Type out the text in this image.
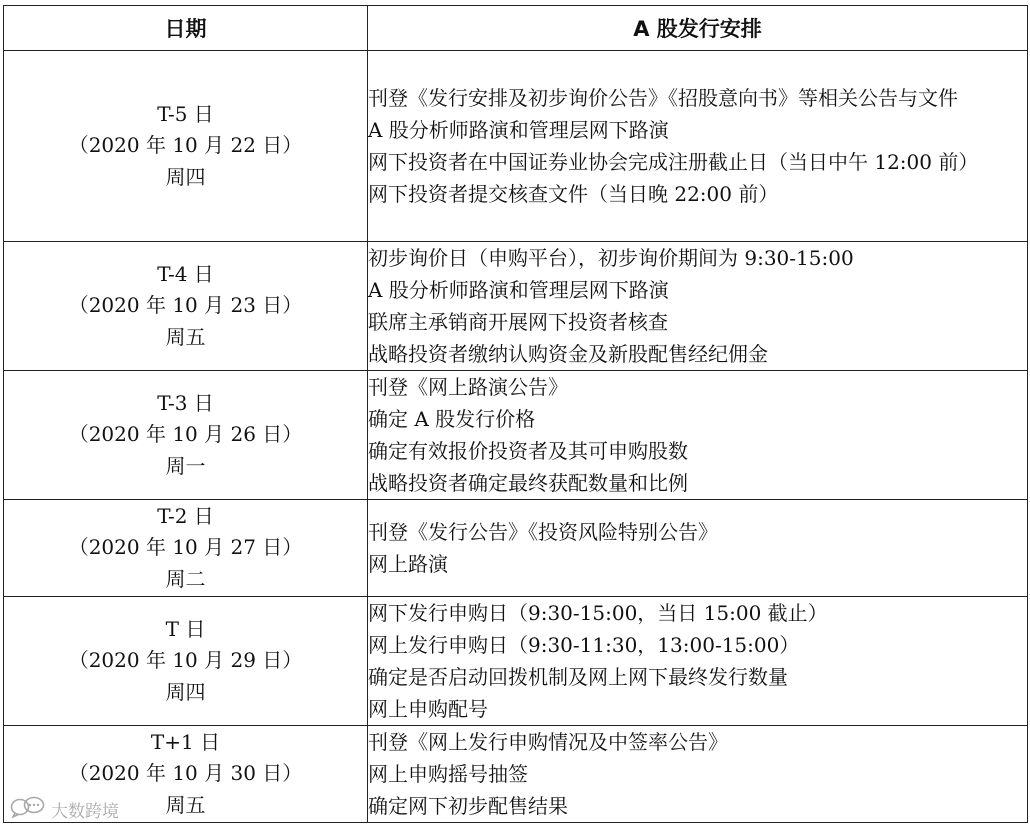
日期	A 股发行安排

T-5 日
（2020 年 10 月 22 日）
周四	刊登《发行安排及初步询价公告》《招股意向书》等相关公告与文件
A 股分析师路演和管理层网下路演
网下投资者在中国证券业协会完成注册截止日（当日中午 12:00 前）
网下投资者提交核查文件（当日晚 22:00 前）

T-4 日
（2020 年 10 月 23 日）
周五	初步询价日（申购平台），初步询价期间为 9:30-15:00
A 股分析师路演和管理层网下路演
联席主承销商开展网下投资者核查
战略投资者缴纳认购资金及新股配售经纪佣金

T-3 日
（2020 年 10 月 26 日）
周一	刊登《网上路演公告》
确定 A 股发行价格
确定有效报价投资者及其可申购股数
战略投资者确定最终获配数量和比例

T-2 日
（2020 年 10 月 27 日）
周二	刊登《发行公告》《投资风险特别公告》
网上路演

T 日
（2020 年 10 月 29 日）
周四	网下发行申购日（9:30-15:00，当日 15:00 截止）
网上发行申购日（9:30-11:30，13:00-15:00）
确定是否启动回拨机制及网上网下最终发行数量
网上申购配号

T+1 日
（2020 年 10 月 30 日）
周五	刊登《网上发行申购情况及中签率公告》
网上申购摇号抽签
确定网下初步配售结果
大数跨境
